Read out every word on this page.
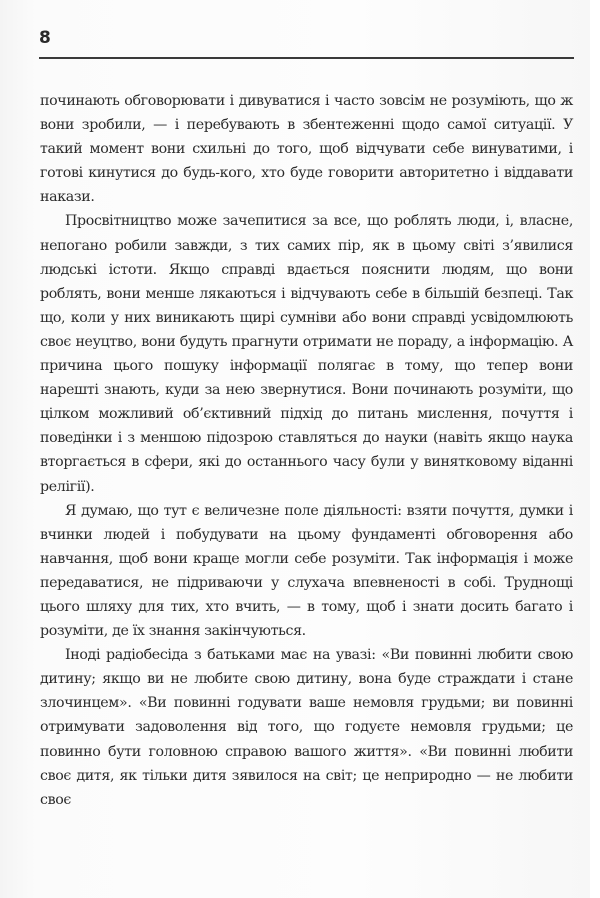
8

починають обговорювати і дивуватися і часто зовсім не розуміють, що ж вони зробили, — і перебувають в збентеженні щодо самої ситуації. У такий момент вони схильні до того, щоб відчувати себе винуватими, і готові кинутися до будь-кого, хто буде говорити авторитетно і віддавати накази.

Просвітництво може зачепитися за все, що роблять люди, і, власне, непогано робили завжди, з тих самих пір, як в цьому світі з’явилися людські істоти. Якщо справді вдається пояснити людям, що вони роблять, вони менше лякаються і відчувають себе в більшій безпеці. Так що, коли у них виникають щирі сумніви або вони справді усвідомлюють своє неуцтво, вони будуть прагнути отримати не пораду, а інформацію. А причина цього пошуку інформації полягає в тому, що тепер вони нарешті знають, куди за нею звернутися. Вони починають розуміти, що цілком можливий об’єктивний підхід до питань мислення, почуття і поведінки і з меншою підозрою ставляться до науки (навіть якщо наука вторгається в сфери, які до останнього часу були у винятковому віданні релігії).

Я думаю, що тут є величезне поле діяльності: взяти почуття, думки і вчинки людей і побудувати на цьому фундаменті обговорення або навчання, щоб вони краще могли себе розуміти. Так інформація і може передаватися, не підриваючи у слухача впевненості в собі. Труднощі цього шляху для тих, хто вчить, — в тому, щоб і знати досить багато і розуміти, де їх знання закінчуються.

Іноді радіобесіда з батьками має на увазі: «Ви повинні любити свою дитину; якщо ви не любите свою дитину, вона буде страждати і стане злочинцем». «Ви повинні годувати ваше немовля грудьми; ви повинні отримувати задоволення від того, що годуєте немовля грудьми; це повинно бути головною справою вашого життя». «Ви повинні любити своє дитя, як тільки дитя зявилося на світ; це неприродно — не любити своє
